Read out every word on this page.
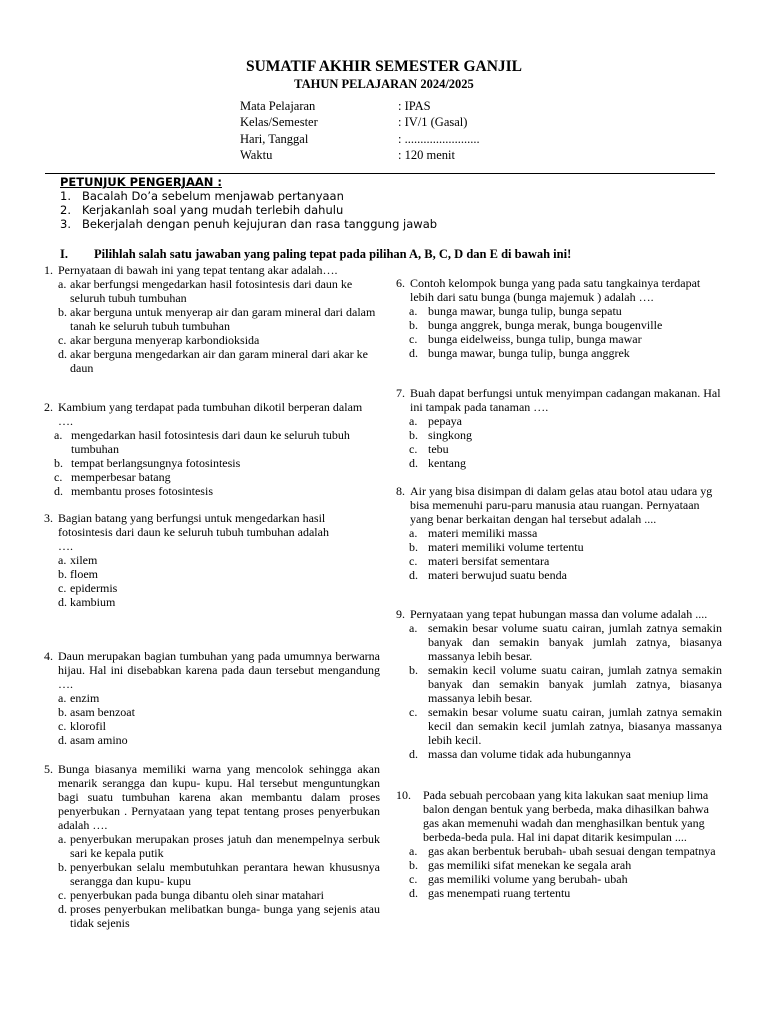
SUMATIF AKHIR SEMESTER GANJIL
TAHUN PELAJARAN 2024/2025
Mata Pelajaran	: IPAS
Kelas/Semester	: IV/1 (Gasal)
Hari, Tanggal	: ........................
Waktu	: 120 menit
PETUNJUK PENGERJAAN :
1. Bacalah Do’a sebelum menjawab pertanyaan
2. Kerjakanlah soal yang mudah terlebih dahulu
3. Bekerjalah dengan penuh kejujuran dan rasa tanggung jawab
I. Pilihlah salah satu jawaban yang paling tepat pada pilihan A, B, C, D dan E di bawah ini!
1. Pernyataan di bawah ini yang tepat tentang akar adalah….
a. akar berfungsi mengedarkan hasil fotosintesis dari daun ke seluruh tubuh tumbuhan
b. akar berguna untuk menyerap air dan garam mineral dari dalam tanah ke seluruh tubuh tumbuhan
c. akar berguna menyerap karbondioksida
d. akar berguna mengedarkan air dan garam mineral dari akar ke daun
2. Kambium yang terdapat pada tumbuhan dikotil berperan dalam ….
a. mengedarkan hasil fotosintesis dari daun ke seluruh tubuh tumbuhan
b. tempat berlangsungnya fotosintesis
c. memperbesar batang
d. membantu proses fotosintesis
3. Bagian batang yang berfungsi untuk mengedarkan hasil fotosintesis dari daun ke seluruh tubuh tumbuhan adalah
….
a. xilem
b. floem
c. epidermis
d. kambium
4. Daun merupakan bagian tumbuhan yang pada umumnya berwarna hijau. Hal ini disebabkan karena pada daun tersebut mengandung ….
a. enzim
b. asam benzoat
c. klorofil
d. asam amino
5. Bunga biasanya memiliki warna yang mencolok sehingga akan menarik serangga dan kupu- kupu. Hal tersebut menguntungkan bagi suatu tumbuhan karena akan membantu dalam proses penyerbukan . Pernyataan yang tepat tentang proses penyerbukan adalah ….
a. penyerbukan merupakan proses jatuh dan menempelnya serbuk sari ke kepala putik
b. penyerbukan selalu membutuhkan perantara hewan khususnya serangga dan kupu- kupu
c. penyerbukan pada bunga dibantu oleh sinar matahari
d. proses penyerbukan melibatkan bunga- bunga yang sejenis atau tidak sejenis
6. Contoh kelompok bunga yang pada satu tangkainya terdapat lebih dari satu bunga (bunga majemuk ) adalah ….
a. bunga mawar, bunga tulip, bunga sepatu
b. bunga anggrek, bunga merak, bunga bougenville
c. bunga eidelweiss, bunga tulip, bunga mawar
d. bunga mawar, bunga tulip, bunga anggrek
7. Buah dapat berfungsi untuk menyimpan cadangan makanan. Hal ini tampak pada tanaman ….
a. pepaya
b. singkong
c. tebu
d. kentang
8. Air yang bisa disimpan di dalam gelas atau botol atau udara yg bisa memenuhi paru-paru manusia atau ruangan. Pernyataan yang benar berkaitan dengan hal tersebut adalah ....
a. materi memiliki massa
b. materi memiliki volume tertentu
c. materi bersifat sementara
d. materi berwujud suatu benda
9. Pernyataan yang tepat hubungan massa dan volume adalah ....
a. semakin besar volume suatu cairan, jumlah zatnya semakin banyak dan semakin banyak jumlah zatnya, biasanya massanya lebih besar.
b. semakin kecil volume suatu cairan, jumlah zatnya semakin banyak dan semakin banyak jumlah zatnya, biasanya massanya lebih besar.
c. semakin besar volume suatu cairan, jumlah zatnya semakin kecil dan semakin kecil jumlah zatnya, biasanya massanya lebih kecil.
d. massa dan volume tidak ada hubungannya
10. Pada sebuah percobaan yang kita lakukan saat meniup lima balon dengan bentuk yang berbeda, maka dihasilkan bahwa gas akan memenuhi wadah dan menghasilkan bentuk yang berbeda-beda pula. Hal ini dapat ditarik kesimpulan ....
a. gas akan berbentuk berubah- ubah sesuai dengan tempatnya
b. gas memiliki sifat menekan ke segala arah
c. gas memiliki volume yang berubah- ubah
d. gas menempati ruang tertentu
